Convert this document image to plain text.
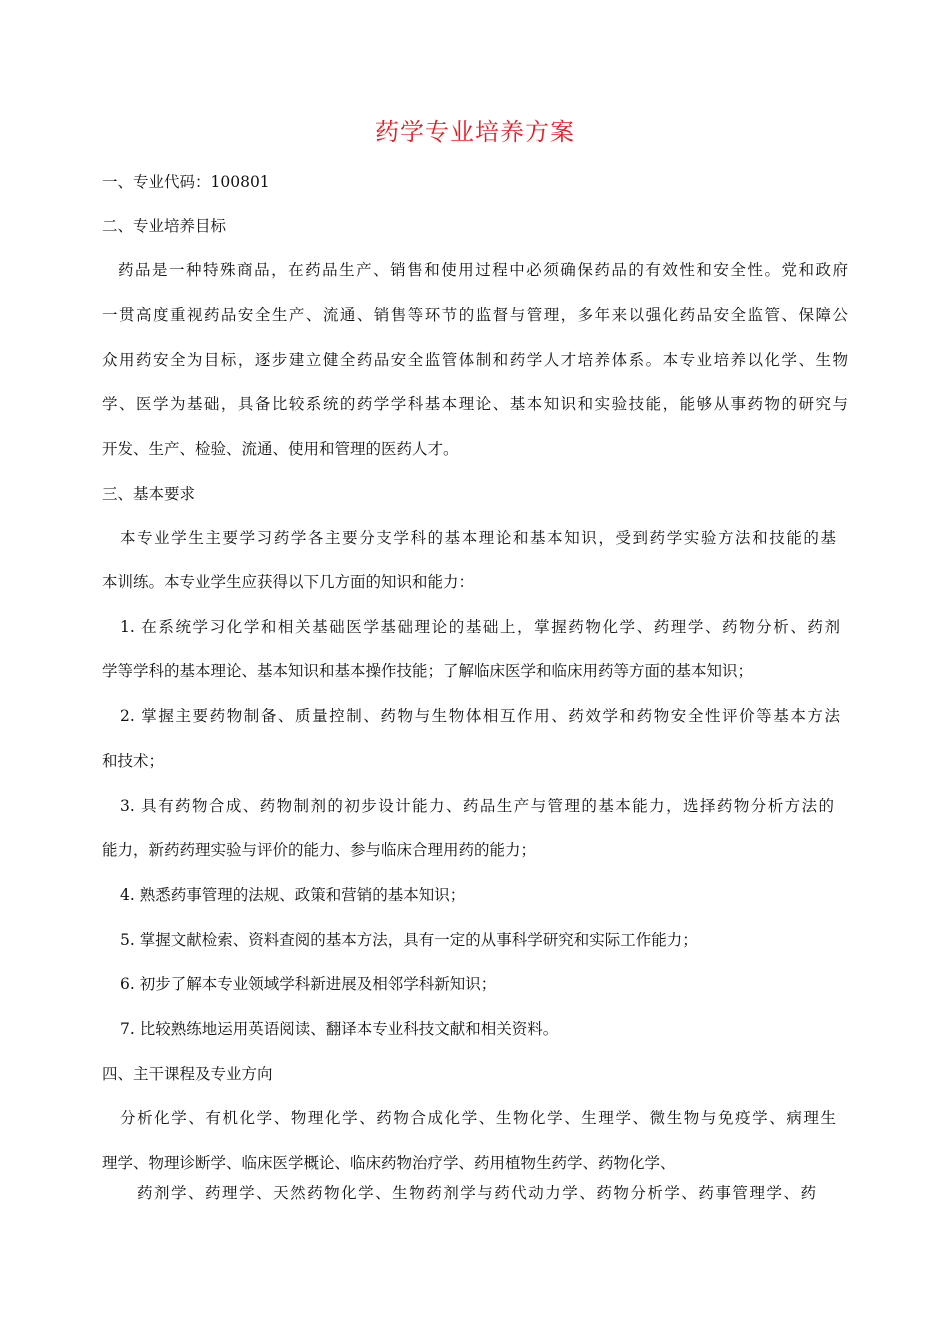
药学专业培养方案
一、专业代码：100801
二、专业培养目标
药品是一种特殊商品，在药品生产、销售和使用过程中必须确保药品的有效性和安全性。党和政府
一贯高度重视药品安全生产、流通、销售等环节的监督与管理，多年来以强化药品安全监管、保障公
众用药安全为目标，逐步建立健全药品安全监管体制和药学人才培养体系。本专业培养以化学、生物
学、医学为基础，具备比较系统的药学学科基本理论、基本知识和实验技能，能够从事药物的研究与
开发、生产、检验、流通、使用和管理的医药人才。
三、基本要求
本专业学生主要学习药学各主要分支学科的基本理论和基本知识，受到药学实验方法和技能的基
本训练。本专业学生应获得以下几方面的知识和能力：
1. 在系统学习化学和相关基础医学基础理论的基础上，掌握药物化学、药理学、药物分析、药剂
学等学科的基本理论、基本知识和基本操作技能；了解临床医学和临床用药等方面的基本知识；
2. 掌握主要药物制备、质量控制、药物与生物体相互作用、药效学和药物安全性评价等基本方法
和技术；
3. 具有药物合成、药物制剂的初步设计能力、药品生产与管理的基本能力，选择药物分析方法的
能力，新药药理实验与评价的能力、参与临床合理用药的能力；
4. 熟悉药事管理的法规、政策和营销的基本知识；
5. 掌握文献检索、资料查阅的基本方法，具有一定的从事科学研究和实际工作能力；
6. 初步了解本专业领域学科新进展及相邻学科新知识；
7. 比较熟练地运用英语阅读、翻译本专业科技文献和相关资料。
四、主干课程及专业方向
分析化学、有机化学、物理化学、药物合成化学、生物化学、生理学、微生物与免疫学、病理生
理学、物理诊断学、临床医学概论、临床药物治疗学、药用植物生药学、药物化学、
药剂学、药理学、天然药物化学、生物药剂学与药代动力学、药物分析学、药事管理学、药
